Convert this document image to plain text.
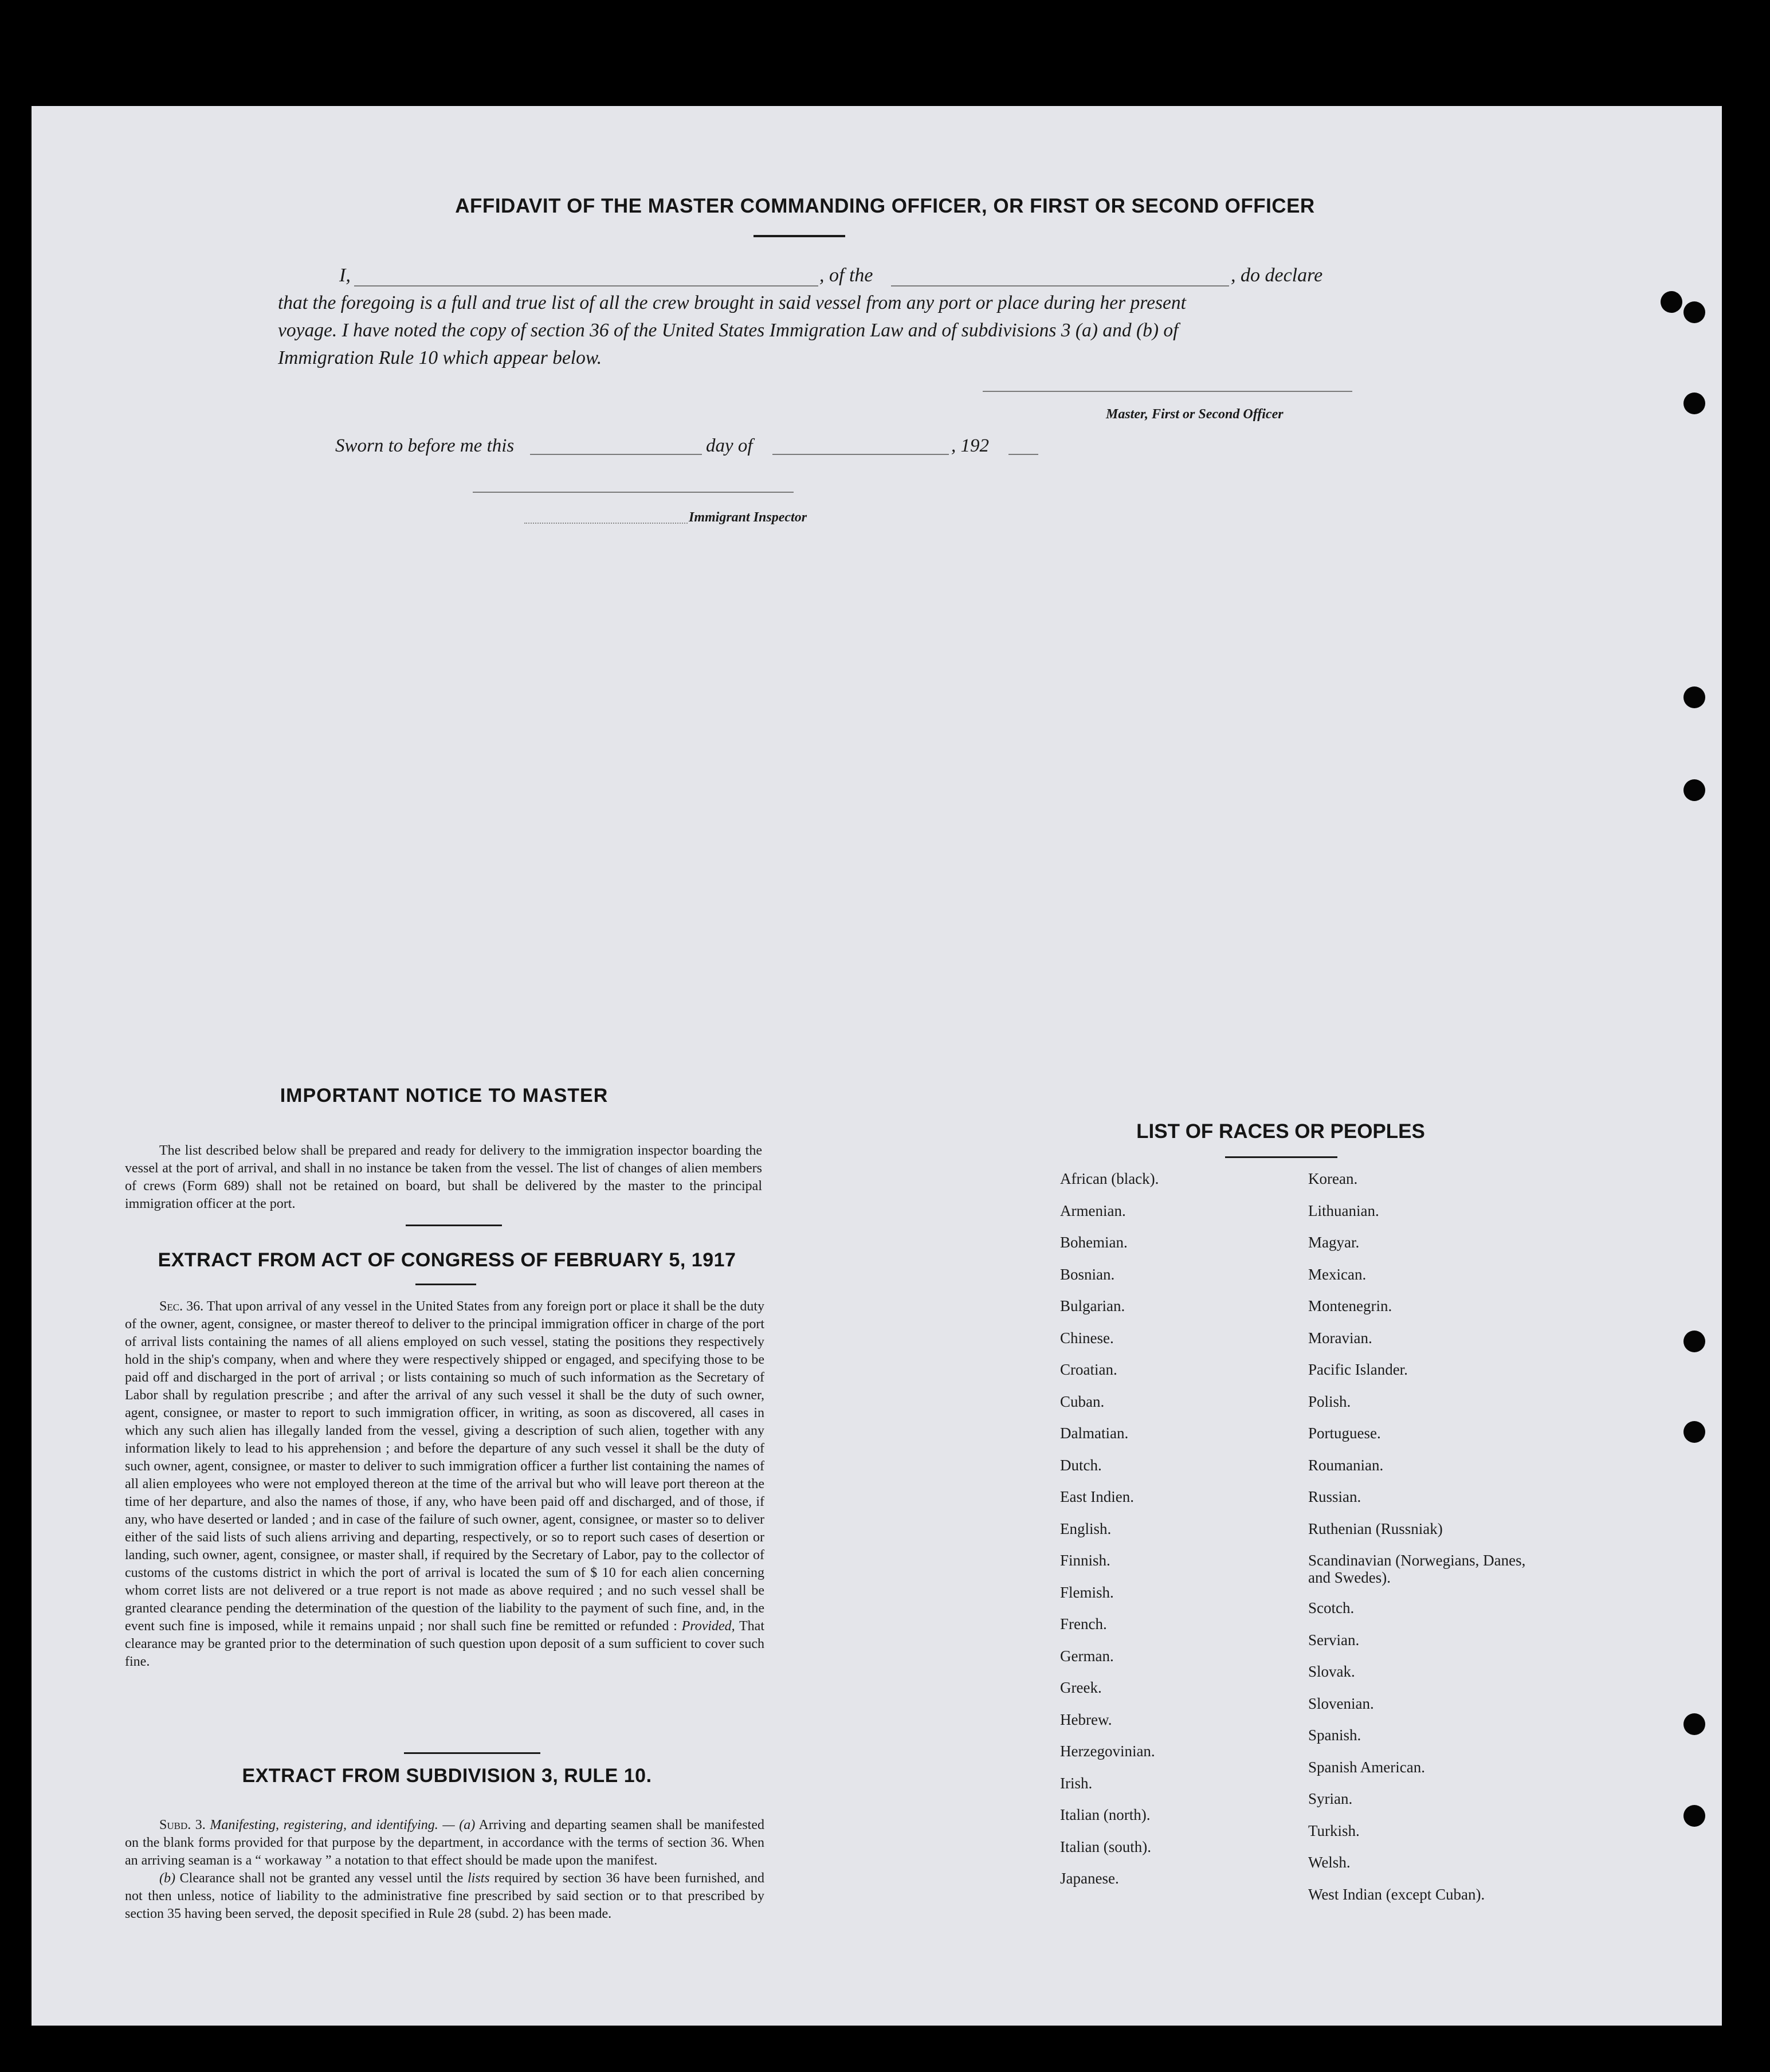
AFFIDAVIT OF THE MASTER COMMANDING OFFICER, OR FIRST OR SECOND OFFICER
I,	, of the	, do declare
that the foregoing is a full and true list of all the crew brought in said vessel from any port or place during her present
voyage. I have noted the copy of section 36 of the United States Immigration Law and of subdivisions 3 (a) and (b) of
Immigration Rule 10 which appear below.
Master, First or Second Officer
Sworn to before me this	day of	, 192
Immigrant Inspector
IMPORTANT NOTICE TO MASTER

The list described below shall be prepared and ready for delivery to the immigration inspector boarding the vessel at the port of arrival, and shall in no instance be taken from the vessel. The list of changes of alien members of crews (Form 689) shall not be retained on board, but shall be delivered by the master to the principal immigration officer at the port.

EXTRACT FROM ACT OF CONGRESS OF FEBRUARY 5, 1917

Sec. 36. That upon arrival of any vessel in the United States from any foreign port or place it shall be the duty of the owner, agent, consignee, or master thereof to deliver to the principal immigration officer in charge of the port of arrival lists containing the names of all aliens employed on such vessel, stating the positions they respectively hold in the ship's company, when and where they were respectively shipped or engaged, and specifying those to be paid off and discharged in the port of arrival ; or lists containing so much of such information as the Secretary of Labor shall by regulation prescribe ; and after the arrival of any such vessel it shall be the duty of such owner, agent, consignee, or master to report to such immigration officer, in writing, as soon as discovered, all cases in which any such alien has illegally landed from the vessel, giving a description of such alien, together with any information likely to lead to his apprehension ; and before the departure of any such vessel it shall be the duty of such owner, agent, consignee, or master to deliver to such immigration officer a further list containing the names of all alien employees who were not employed thereon at the time of the arrival but who will leave port thereon at the time of her departure, and also the names of those, if any, who have been paid off and discharged, and of those, if any, who have deserted or landed ; and in case of the failure of such owner, agent, consignee, or master so to deliver either of the said lists of such aliens arriving and departing, respectively, or so to report such cases of desertion or landing, such owner, agent, consignee, or master shall, if required by the Secretary of Labor, pay to the collector of customs of the customs district in which the port of arrival is located the sum of $ 10 for each alien concerning whom corret lists are not delivered or a true report is not made as above required ; and no such vessel shall be granted clearance pending the determination of the question of the liability to the payment of such fine, and, in the event such fine is imposed, while it remains unpaid ; nor shall such fine be remitted or refunded : Provided, That clearance may be granted prior to the determination of such question upon deposit of a sum sufficient to cover such fine.

EXTRACT FROM SUBDIVISION 3, RULE 10.

Subd. 3. Manifesting, registering, and identifying. — (a) Arriving and departing seamen shall be manifested on the blank forms provided for that purpose by the department, in accordance with the terms of section 36. When an arriving seaman is a “ workaway ” a notation to that effect should be made upon the manifest.

(b) Clearance shall not be granted any vessel until the lists required by section 36 have been furnished, and not then unless, notice of liability to the administrative fine prescribed by said section or to that prescribed by section 35 having been served, the deposit specified in Rule 28 (subd. 2) has been made.

LIST OF RACES OR PEOPLES
African (black).
Armenian.
Bohemian.
Bosnian.
Bulgarian.
Chinese.
Croatian.
Cuban.
Dalmatian.
Dutch.
East Indien.
English.
Finnish.
Flemish.
French.
German.
Greek.
Hebrew.
Herzegovinian.
Irish.
Italian (north).
Italian (south).
Japanese.
Korean.
Lithuanian.
Magyar.
Mexican.
Montenegrin.
Moravian.
Pacific Islander.
Polish.
Portuguese.
Roumanian.
Russian.
Ruthenian (Russniak)
Scandinavian (Norwegians, Danes, and Swedes).
Scotch.
Servian.
Slovak.
Slovenian.
Spanish.
Spanish American.
Syrian.
Turkish.
Welsh.
West Indian (except Cuban).
